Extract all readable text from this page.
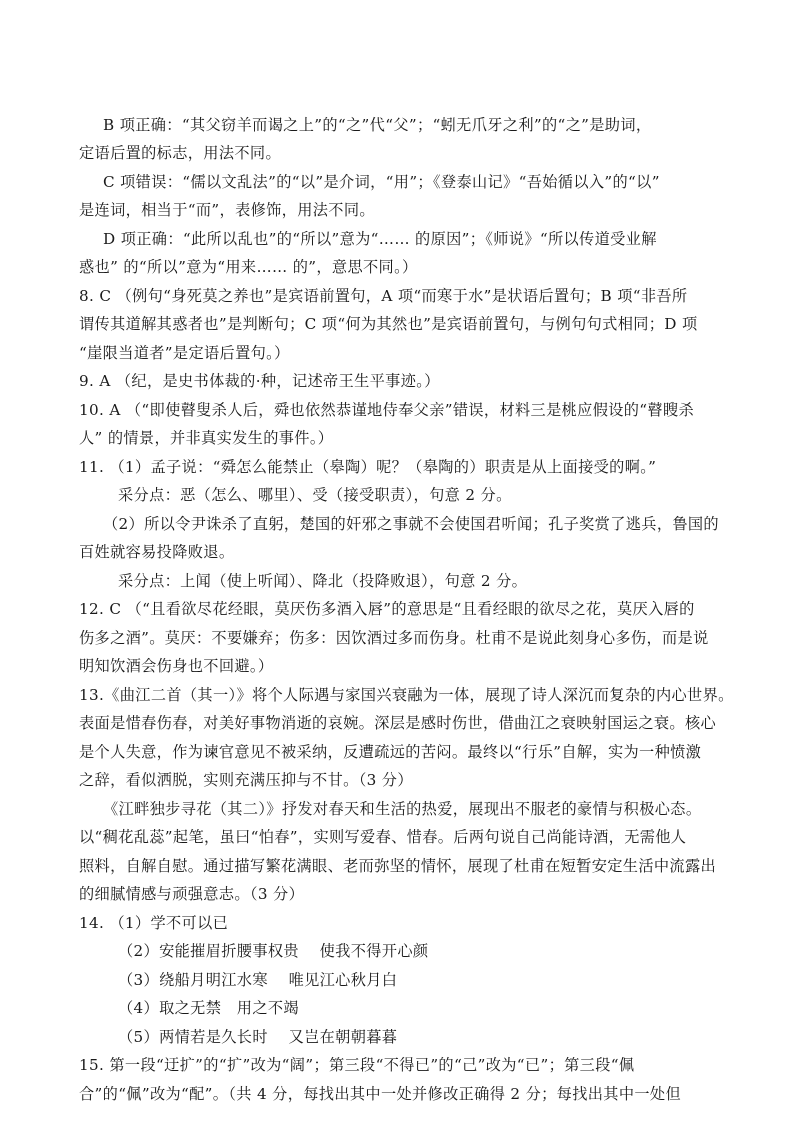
B 项正确：“其父窃羊而谒之上”的“之”代“父”；“蚓无爪牙之利”的“之”是助词，
定语后置的标志，用法不同。
C 项错误：“儒以文乱法”的“以”是介词，“用”；《登泰山记》“吾始循以入”的“以”
是连词，相当于“而”，表修饰，用法不同。
D 项正确：“此所以乱也”的“所以”意为“…… 的原因”；《师说》“所以传道受业解
惑也” 的“所以”意为“用来…… 的”，意思不同。）
8. C （例句“身死莫之养也”是宾语前置句，A 项“而寒于水”是状语后置句；B 项“非吾所
谓传其道解其惑者也”是判断句；C 项“何为其然也”是宾语前置句，与例句句式相同；D 项
“崖限当道者”是定语后置句。）
9. A （纪，是史书体裁的·种，记述帝王生平事迹。）
10. A （“即使瞽叟杀人后，舜也依然恭谨地侍奉父亲”错误，材料三是桃应假设的“瞽瞍杀
人” 的情景，并非真实发生的事件。）
11. （1）孟子说：“舜怎么能禁止（皋陶）呢？（皋陶的）职责是从上面接受的啊。”
采分点：恶（怎么、哪里）、受（接受职责），句意 2 分。
（2）所以令尹诛杀了直躬，楚国的奸邪之事就不会使国君听闻；孔子奖赏了逃兵，鲁国的
百姓就容易投降败退。
采分点：上闻（使上听闻）、降北（投降败退），句意 2 分。
12. C （“且看欲尽花经眼，莫厌伤多酒入唇”的意思是“且看经眼的欲尽之花，莫厌入唇的
伤多之酒”。莫厌：不要嫌弃；伤多：因饮酒过多而伤身。杜甫不是说此刻身心多伤，而是说
明知饮酒会伤身也不回避。）
13.《曲江二首（其一）》将个人际遇与家国兴衰融为一体，展现了诗人深沉而复杂的内心世界。
表面是惜春伤春，对美好事物消逝的哀婉。深层是感时伤世，借曲江之衰映射国运之衰。核心
是个人失意，作为谏官意见不被采纳，反遭疏远的苦闷。最终以“行乐”自解，实为一种愤激
之辞，看似洒脱，实则充满压抑与不甘。（3 分）
《江畔独步寻花（其二）》抒发对春天和生活的热爱，展现出不服老的豪情与积极心态。
以“稠花乱蕊”起笔，虽曰“怕春”，实则写爱春、惜春。后两句说自己尚能诗酒，无需他人
照料，自解自慰。通过描写繁花满眼、老而弥坚的情怀，展现了杜甫在短暂安定生活中流露出
的细腻情感与顽强意志。（3 分）
14. （1）学不可以已
（2）安能摧眉折腰事权贵　 使我不得开心颜
（3）绕船月明江水寒　 唯见江心秋月白
（4）取之无禁　用之不竭
（5）两情若是久长时　 又岂在朝朝暮暮
15. 第一段“迂扩”的“扩”改为“阔”；第三段“不得已”的“己”改为“已”；第三段“佩
合”的“佩”改为“配”。（共 4 分，每找出其中一处并修改正确得 2 分；每找出其中一处但
